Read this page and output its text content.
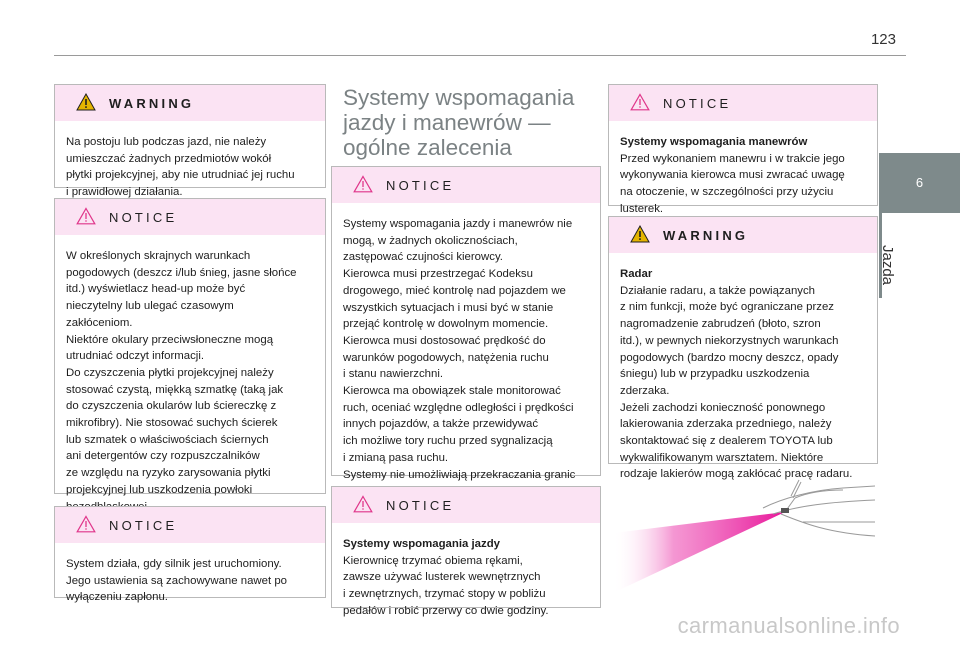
123
6
Jazda
WARNING

Na postoju lub podczas jazd, nie należy
umieszczać żadnych przedmiotów wokół
płytki projekcyjnej, aby nie utrudniać jej ruchu
i prawidłowej działania.

NOTICE

W określonych skrajnych warunkach
pogodowych (deszcz i/lub śnieg, jasne słońce
itd.) wyświetlacz head-up może być
nieczytelny lub ulegać czasowym
zakłóceniom.
Niektóre okulary przeciwsłoneczne mogą
utrudniać odczyt informacji.
Do czyszczenia płytki projekcyjnej należy
stosować czystą, miękką szmatkę (taką jak
do czyszczenia okularów lub ściereczkę z
mikrofibry). Nie stosować suchych ścierek
lub szmatek o właściwościach ściernych
ani detergentów czy rozpuszczalników
ze względu na ryzyko zarysowania płytki
projekcyjnej lub uszkodzenia powłoki

NOTICE

System działa, gdy silnik jest uruchomiony.
Jego ustawienia są zachowywane nawet po
wyłączeniu zapłonu.

Systemy wspomagania
jazdy i manewrów —
ogólne zalecenia
NOTICE

Systemy wspomagania jazdy i manewrów nie
mogą, w żadnych okolicznościach,
zastępować czujności kierowcy.
Kierowca musi przestrzegać Kodeksu
drogowego, mieć kontrolę nad pojazdem we
wszystkich sytuacjach i musi być w stanie
przejąć kontrolę w dowolnym momencie.
Kierowca musi dostosować prędkość do
warunków pogodowych, natężenia ruchu
i stanu nawierzchni.
Kierowca ma obowiązek stale monitorować
ruch, oceniać względne odległości i prędkości
innych pojazdów, a także przewidywać
ich możliwe tory ruchu przed sygnalizacją
i zmianą pasa ruchu.
Systemy nie umożliwiają przekraczania granic

NOTICE

Systemy wspomagania jazdy

Kierownicę trzymać obiema rękami,
zawsze używać lusterek wewnętrznych
i zewnętrznych, trzymać stopy w pobliżu
pedałów i robić przerwy co dwie godziny.

NOTICE

Systemy wspomagania manewrów

Przed wykonaniem manewru i w trakcie jego
wykonywania kierowca musi zwracać uwagę
na otoczenie, w szczególności przy użyciu
lusterek.

WARNING

Radar

Działanie radaru, a także powiązanych
z nim funkcji, może być ograniczane przez
nagromadzenie zabrudzeń (błoto, szron
itd.), w pewnych niekorzystnych warunkach
pogodowych (bardzo mocny deszcz, opady
śniegu) lub w przypadku uszkodzenia
zderzaka.
Jeżeli zachodzi konieczność ponownego
lakierowania zderzaka przedniego, należy
skontaktować się z dealerem TOYOTA lub
wykwalifikowanym warsztatem. Niektóre
rodzaje lakierów mogą zakłócać pracę radaru.

carmanualsonline.info
